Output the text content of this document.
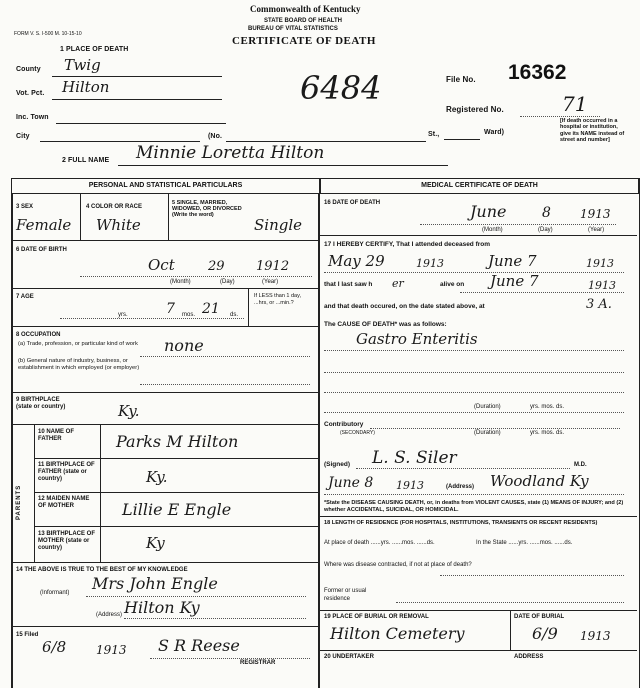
FORM V. S. I-500 M. 10-15-10
Commonwealth of Kentucky
STATE BOARD OF HEALTH
BUREAU OF VITAL STATISTICS
CERTIFICATE OF DEATH
6484	File No. 16362
Registered No.	71
[If death occurred in a hospital or institution, give its NAME instead of street and number]
1 PLACE OF DEATH
County Twig
Vot. Pct. Hilton
Inc. Town
City	(No.	St.,	Ward)
2 FULL NAME Minnie Loretta Hilton
PERSONAL AND STATISTICAL PARTICULARS	MEDICAL CERTIFICATE OF DEATH
3 SEX
Female
4 COLOR OR RACE
White
5 SINGLE, MARRIED, WIDOWED, OR DIVORCED (Write the word)
Single
6 DATE OF BIRTH
Oct	29 1912
(Month)	(Day)	(Year)
7 AGE
yrs.	7 mos. 21 ds.
If LESS than 1 day, ...hrs, or ...min.?
8 OCCUPATION
(a) Trade, profession, or particular kind of work
(b) General nature of industry, business, or establishment in which employed (or employer)
none
9 BIRTHPLACE (state or country)	Ky.
PARENTS
10 NAME OF FATHER	Parks M Hilton
11 BIRTHPLACE OF FATHER (state or country)	Ky.
12 MAIDEN NAME OF MOTHER	Lillie E Engle
13 BIRTHPLACE OF MOTHER (state or country)	Ky
14 THE ABOVE IS TRUE TO THE BEST OF MY KNOWLEDGE
(Informant) Mrs John Engle
(Address) Hilton Ky
15 Filed
6/8 1913 S R Reese
REGISTRAR
16 DATE OF DEATH	June	8 1913
(Month)	(Day)	(Year)
17 I HEREBY CERTIFY, That I attended deceased from
May 29	1913	June 7	1913
that I last saw h er	alive on June 7	1913
and that death occured, on the date stated above, at	3 A.
The CAUSE OF DEATH* was as follows:
Gastro Enteritis
(Duration)	yrs. mos. ds.
Contributory
(SECONDARY)	(Duration)	yrs. mos. ds.
(Signed) L. S. Siler	M.D.
June 8 1913	(Address) Woodland Ky
*State the DISEASE CAUSING DEATH, or, in deaths from VIOLENT CAUSES, state (1) MEANS OF INJURY; and (2) whether ACCIDENTAL, SUICIDAL, OR HOMICIDAL.
18 LENGTH OF RESIDENCE (FOR HOSPITALS, INSTITUTIONS, TRANSIENTS OR RECENT RESIDENTS)
At place of death ......yrs. ......mos. ......ds.	In the State ......yrs. ......mos. ......ds.
Where was disease contracted, if not at place of death?
Former or usual residence
19 PLACE OF BURIAL OR REMOVAL
Hilton Cemetery
DATE OF BURIAL
6/9 1913
20 UNDERTAKER	ADDRESS
